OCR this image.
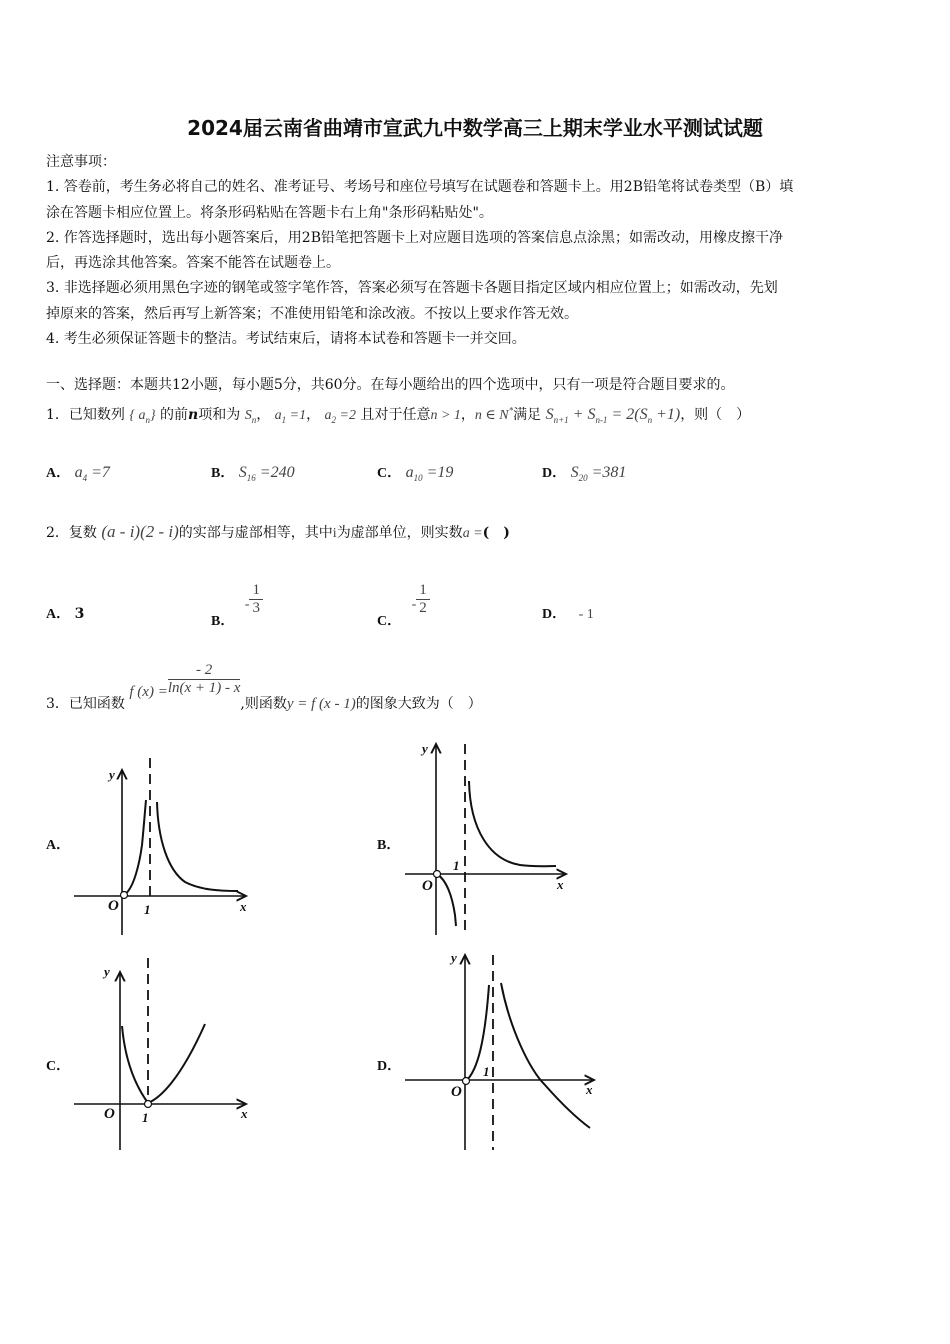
2024届云南省曲靖市宣武九中数学高三上期末学业水平测试试题

注意事项：

1. 答卷前，考生务必将自己的姓名、准考证号、考场号和座位号填写在试题卷和答题卡上。用2B铅笔将试卷类型（B）填

涂在答题卡相应位置上。将条形码粘贴在答题卡右上角"条形码粘贴处"。

2. 作答选择题时，选出每小题答案后，用2B铅笔把答题卡上对应题目选项的答案信息点涂黑；如需改动，用橡皮擦干净

后，再选涂其他答案。答案不能答在试题卷上。

3. 非选择题必须用黑色字迹的钢笔或签字笔作答，答案必须写在答题卡各题目指定区域内相应位置上；如需改动，先划

掉原来的答案，然后再写上新答案；不准使用铅笔和涂改液。不按以上要求作答无效。

4. 考生必须保证答题卡的整洁。考试结束后，请将本试卷和答题卡一并交回。

一、选择题：本题共12小题，每小题5分，共60分。在每小题给出的四个选项中，只有一项是符合题目要求的。
1．已知数列 { $a_n$} 的前n项和为 $S_n$， $a_1 =1$， $a_2 =2$ 且对于任意n > 1，n ∈ N*满足 $S_{n+1} + S_{n-1} = 2(S_n +1)$，则（　）
A． $a_4 =7$	B． $S_{16} =240$	C． $a_{10} =19$	D． $S_{20} =381$
2．复数 (a - i)(2 - i)的实部与虚部相等，其中i为虚部单位，则实数a =(　)
A． 3	B． - $\frac{1}{3}$
C． - $\frac{1}{2}$	D． - 1
3．已知函数 f $(x) = \frac{- 2}{\ln(x + 1) - x}$
,则函数y = f (x - 1)的图象大致为（　）
A．	B．
C．	D．
O 1	x
y
O
1
x
y
O 1	x
y
O
1
x
y
